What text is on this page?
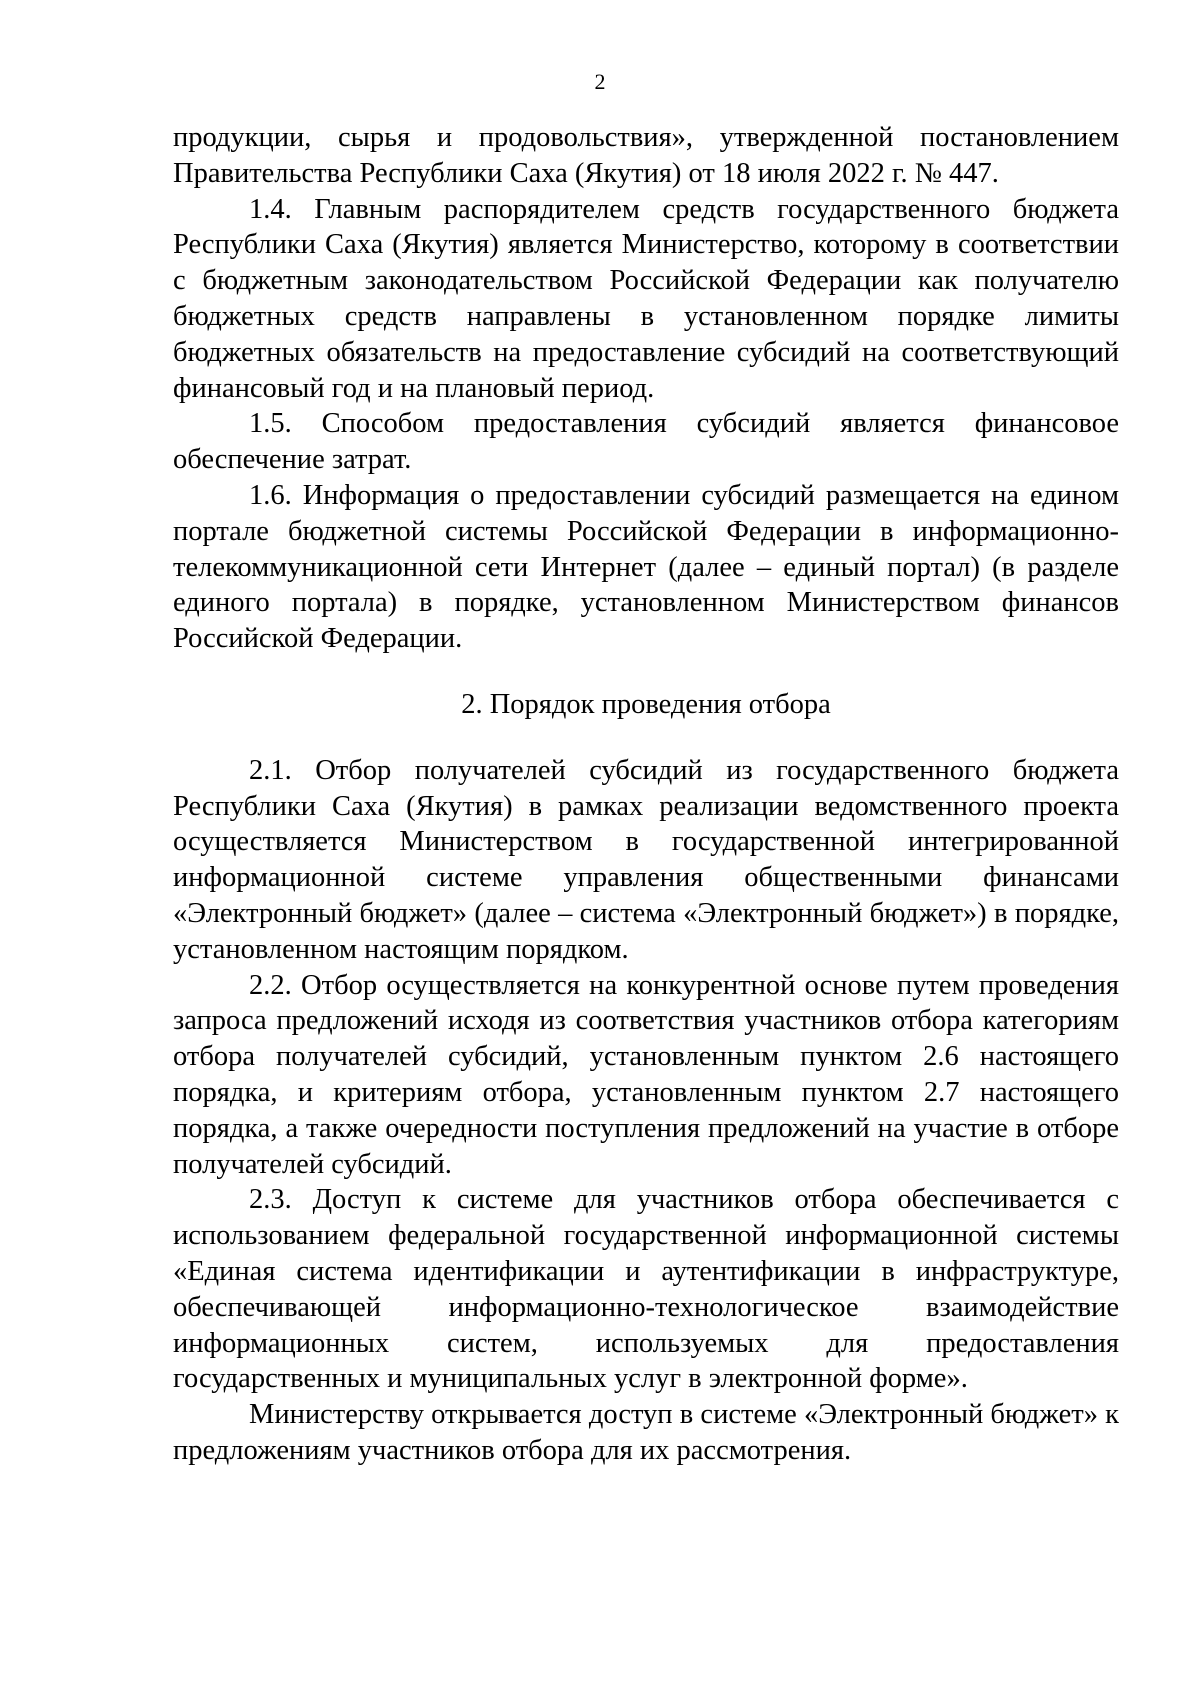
2

продукции, сырья и продовольствия», утвержденной постановлением Правительства Республики Саха (Якутия) от 18 июля 2022 г. № 447.

1.4. Главным распорядителем средств государственного бюджета Республики Саха (Якутия) является Министерство, которому в соответствии с бюджетным законодательством Российской Федерации как получателю бюджетных средств направлены в установленном порядке лимиты бюджетных обязательств на предоставление субсидий на соответствующий финансовый год и на плановый период.

1.5. Способом предоставления субсидий является финансовое обеспечение затрат.

1.6. Информация о предоставлении субсидий размещается на едином портале бюджетной системы Российской Федерации в информационно-телекоммуникационной сети Интернет (далее – единый портал) (в разделе единого портала) в порядке, установленном Министерством финансов Российской Федерации.

2. Порядок проведения отбора

2.1. Отбор получателей субсидий из государственного бюджета Республики Саха (Якутия) в рамках реализации ведомственного проекта осуществляется Министерством в государственной интегрированной информационной системе управления общественными финансами «Электронный бюджет» (далее – система «Электронный бюджет») в порядке, установленном настоящим порядком.

2.2. Отбор осуществляется на конкурентной основе путем проведения запроса предложений исходя из соответствия участников отбора категориям отбора получателей субсидий, установленным пунктом 2.6 настоящего порядка, и критериям отбора, установленным пунктом 2.7 настоящего порядка, а также очередности поступления предложений на участие в отборе получателей субсидий.

2.3. Доступ к системе для участников отбора обеспечивается с использованием федеральной государственной информационной системы «Единая система идентификации и аутентификации в инфраструктуре, обеспечивающей информационно-технологическое взаимодействие информационных систем, используемых для предоставления государственных и муниципальных услуг в электронной форме».

Министерству открывается доступ в системе «Электронный бюджет» к предложениям участников отбора для их рассмотрения.
